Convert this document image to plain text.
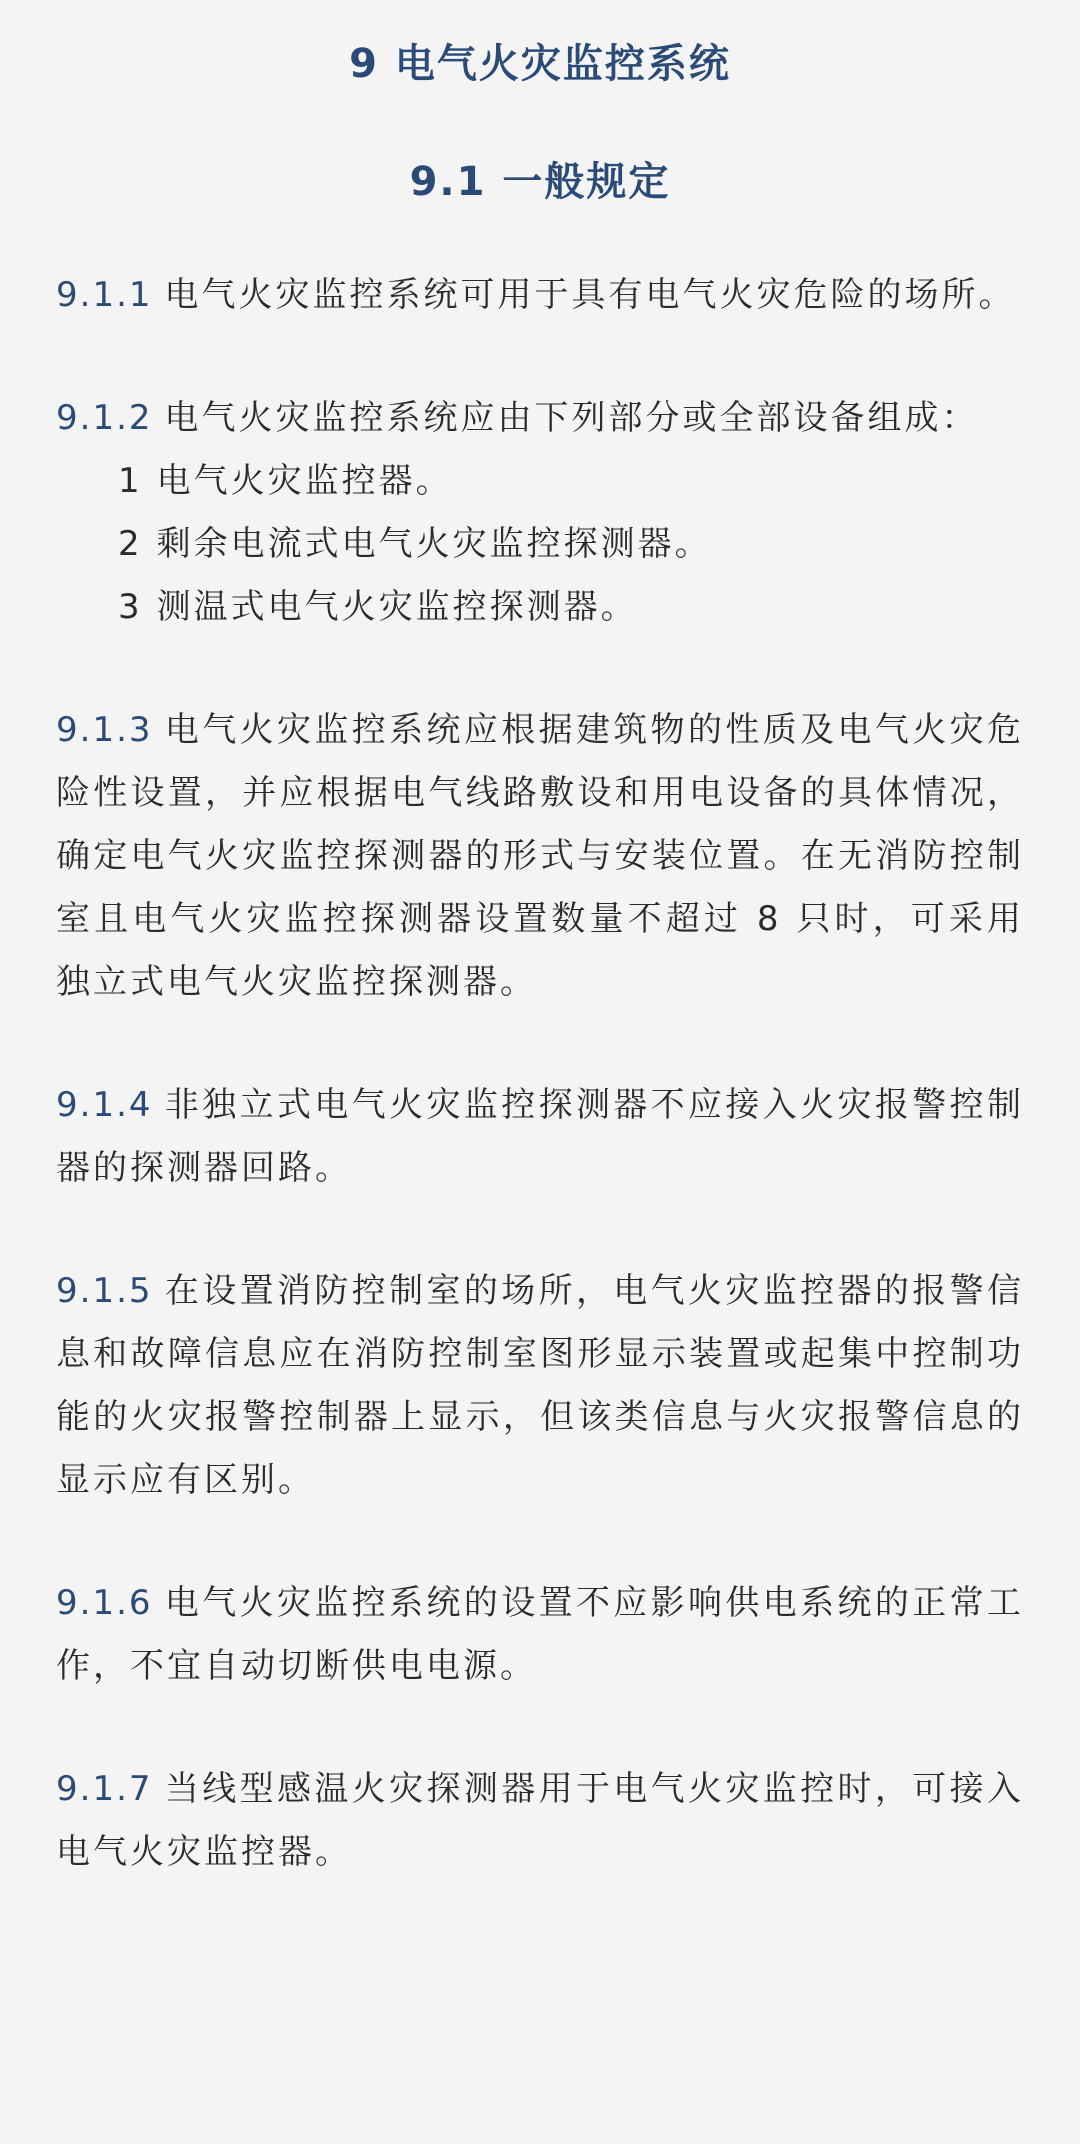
9 电气火灾监控系统
9.1 一般规定

9.1.1 电气火灾监控系统可用于具有电气火灾危险的场所。

9.1.2 电气火灾监控系统应由下列部分或全部设备组成：

1 电气火灾监控器。
2 剩余电流式电气火灾监控探测器。
3 测温式电气火灾监控探测器。

9.1.3 电气火灾监控系统应根据建筑物的性质及电气火灾危险性设置，并应根据电气线路敷设和用电设备的具体情况，确定电气火灾监控探测器的形式与安装位置。在无消防控制室且电气火灾监控探测器设置数量不超过 8 只时，可采用独立式电气火灾监控探测器。

9.1.4 非独立式电气火灾监控探测器不应接入火灾报警控制器的探测器回路。

9.1.5 在设置消防控制室的场所，电气火灾监控器的报警信息和故障信息应在消防控制室图形显示装置或起集中控制功能的火灾报警控制器上显示，但该类信息与火灾报警信息的显示应有区别。

9.1.6 电气火灾监控系统的设置不应影响供电系统的正常工作，不宜自动切断供电电源。

9.1.7 当线型感温火灾探测器用于电气火灾监控时，可接入电气火灾监控器。
